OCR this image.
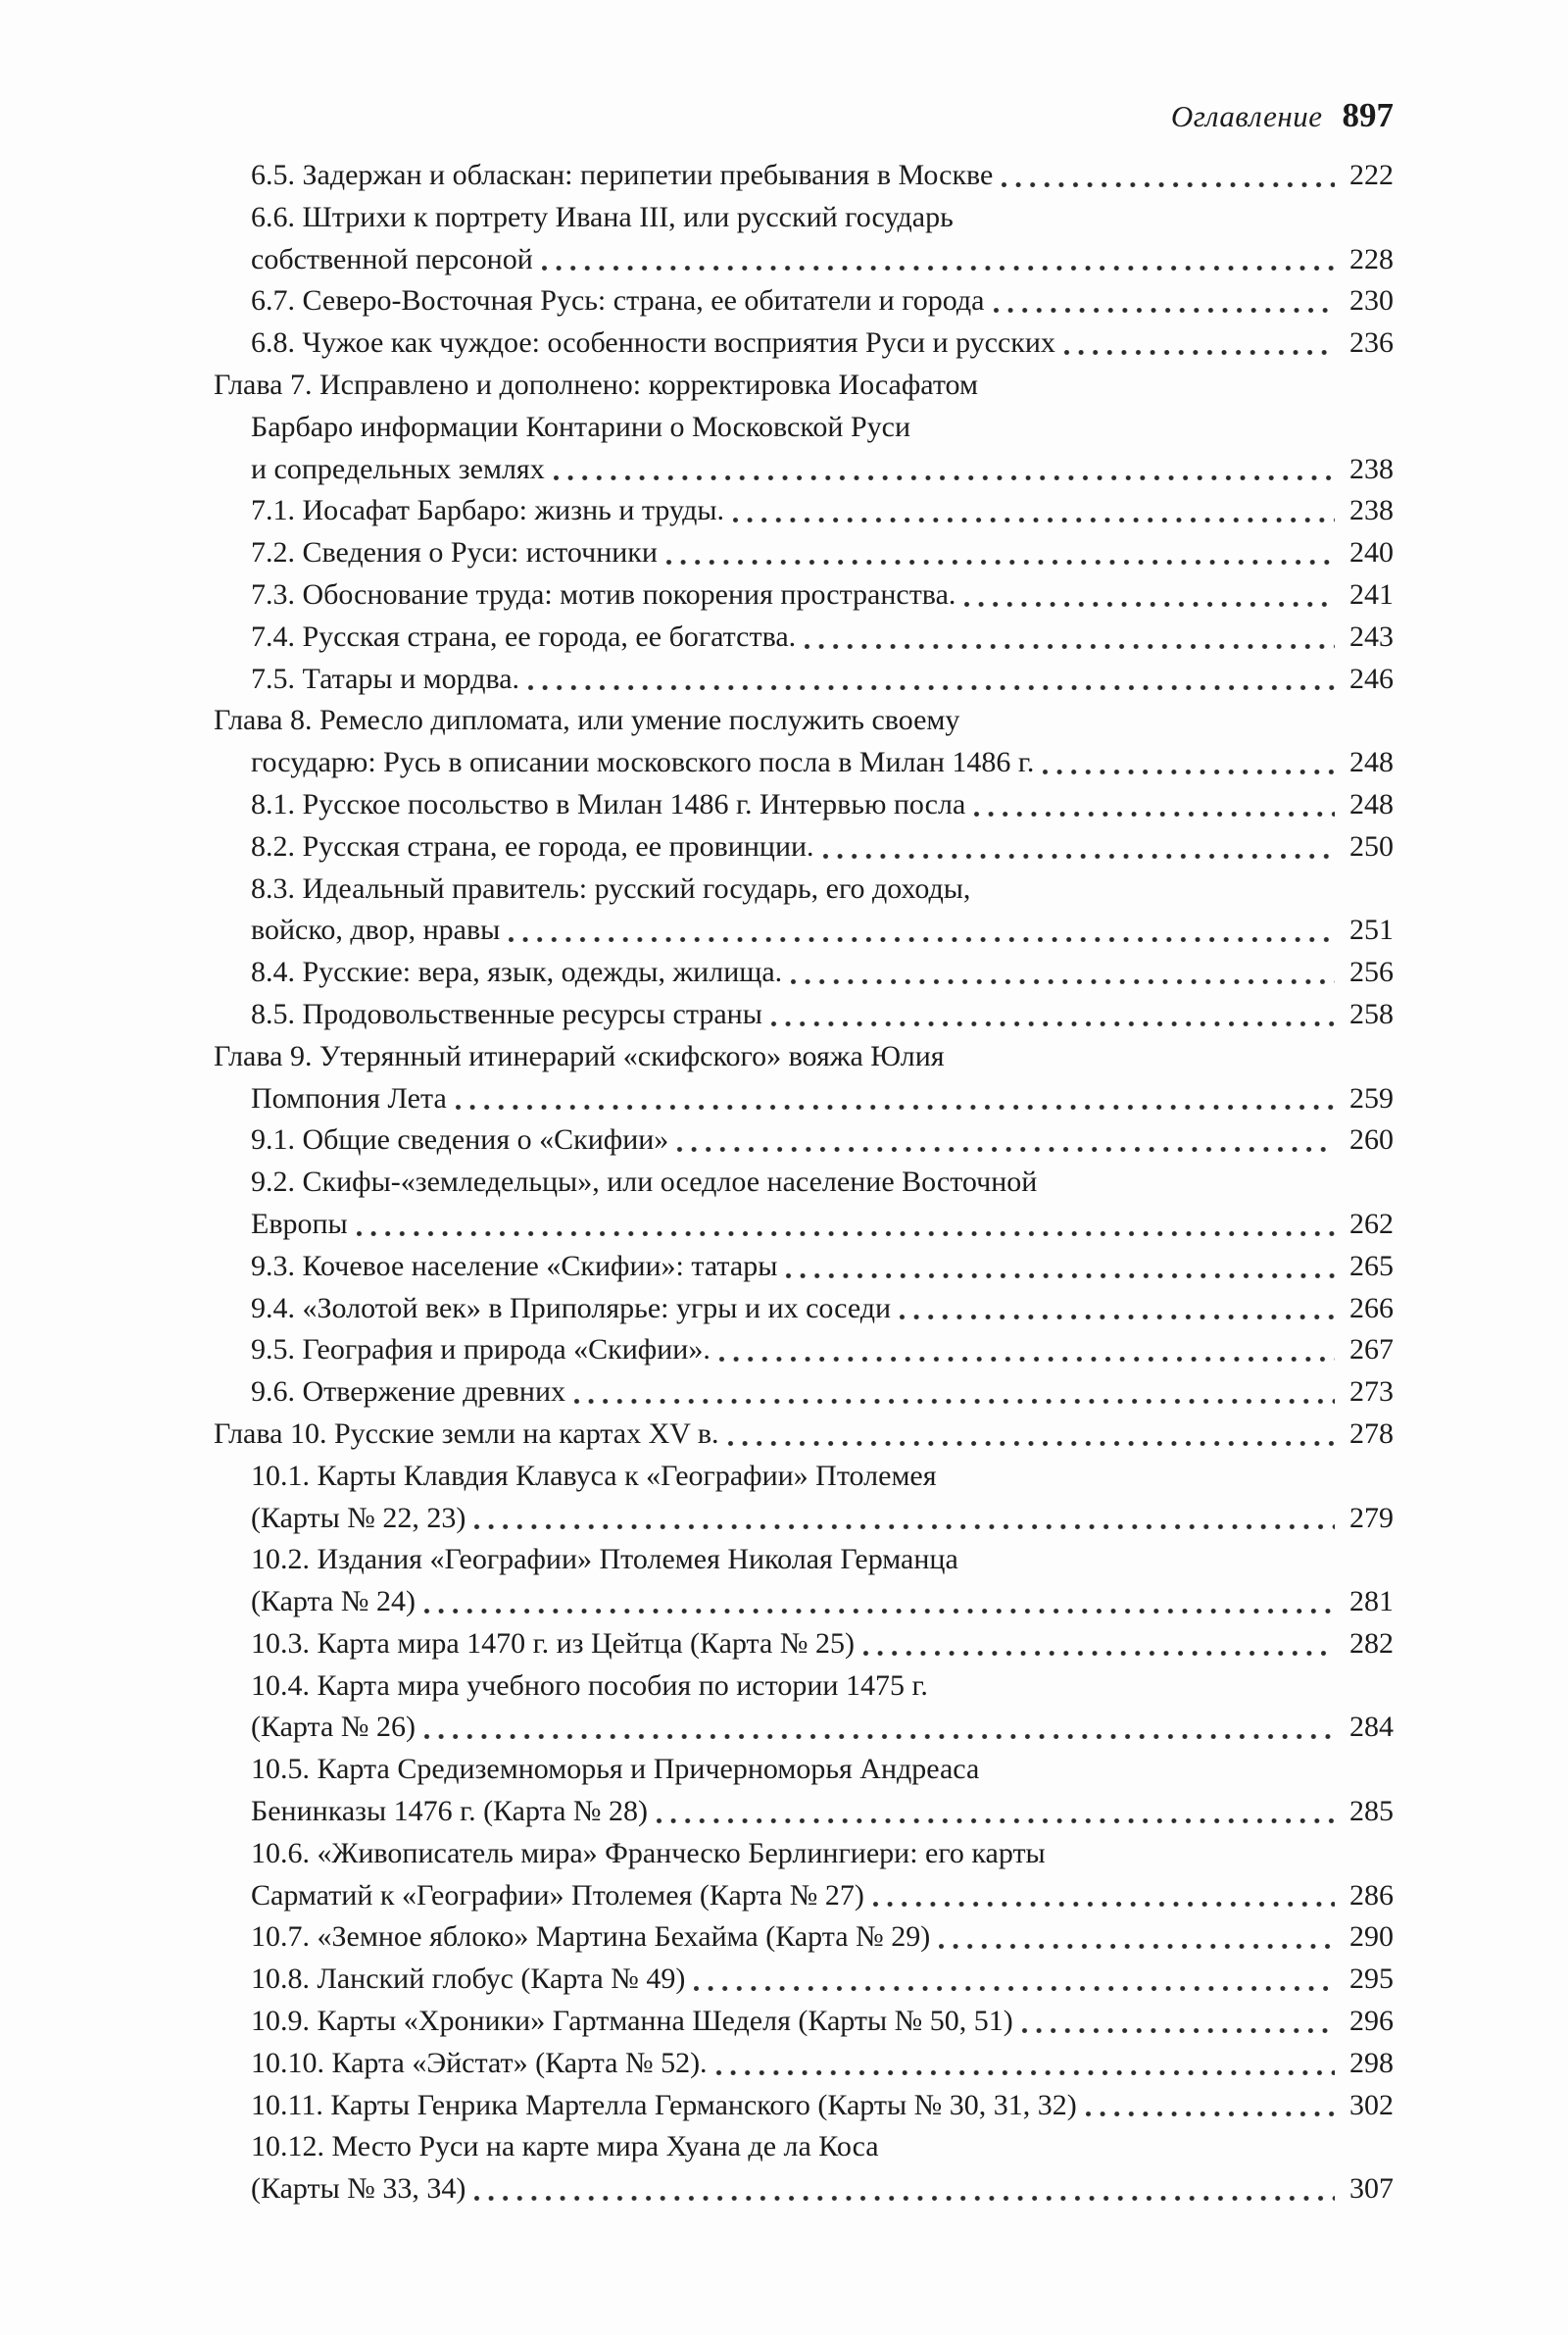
Оглавление 897
6.5. Задержан и обласкан: перипетии пребывания в Москве	222
6.6. Штрихи к портрету Ивана III, или русский государь
собственной персоной	228
6.7. Северо-Восточная Русь: страна, ее обитатели и города	230
6.8. Чужое как чуждое: особенности восприятия Руси и русских	236
Глава 7. Исправлено и дополнено: корректировка Иосафатом
Барбаро информации Контарини о Московской Руси
и сопредельных землях	238
7.1. Иосафат Барбаро: жизнь и труды.	238
7.2. Сведения о Руси: источники	240
7.3. Обоснование труда: мотив покорения пространства.	241
7.4. Русская страна, ее города, ее богатства.	243
7.5. Татары и мордва.	246
Глава 8. Ремесло дипломата, или умение послужить своему
государю: Русь в описании московского посла в Милан 1486 г.	248
8.1. Русское посольство в Милан 1486 г. Интервью посла	248
8.2. Русская страна, ее города, ее провинции.	250
8.3. Идеальный правитель: русский государь, его доходы,
войско, двор, нравы	251
8.4. Русские: вера, язык, одежды, жилища.	256
8.5. Продовольственные ресурсы страны	258
Глава 9. Утерянный итинерарий «скифского» вояжа Юлия
Помпония Лета	259
9.1. Общие сведения о «Скифии»	260
9.2. Скифы-«земледельцы», или оседлое население Восточной
Европы	262
9.3. Кочевое население «Скифии»: татары	265
9.4. «Золотой век» в Приполярье: угры и их соседи	266
9.5. География и природа «Скифии».	267
9.6. Отвержение древних	273
Глава 10. Русские земли на картах XV в.	278
10.1. Карты Клавдия Клавуса к «Географии» Птолемея
(Карты № 22, 23)	279
10.2. Издания «Географии» Птолемея Николая Германца
(Карта № 24)	281
10.3. Карта мира 1470 г. из Цейтца (Карта № 25)	282
10.4. Карта мира учебного пособия по истории 1475 г.
(Карта № 26)	284
10.5. Карта Средиземноморья и Причерноморья Андреаса
Бенинказы 1476 г. (Карта № 28)	285
10.6. «Живописатель мира» Франческо Берлингиери: его карты
Сарматий к «Географии» Птолемея (Карта № 27)	286
10.7. «Земное яблоко» Мартина Бехайма (Карта № 29)	290
10.8. Ланский глобус (Карта № 49)	295
10.9. Карты «Хроники» Гартманна Шеделя (Карты № 50, 51)	296
10.10. Карта «Эйстат» (Карта № 52).	298
10.11. Карты Генрика Мартелла Германского (Карты № 30, 31, 32)	302
10.12. Место Руси на карте мира Хуана де ла Коса
(Карты № 33, 34)	307
